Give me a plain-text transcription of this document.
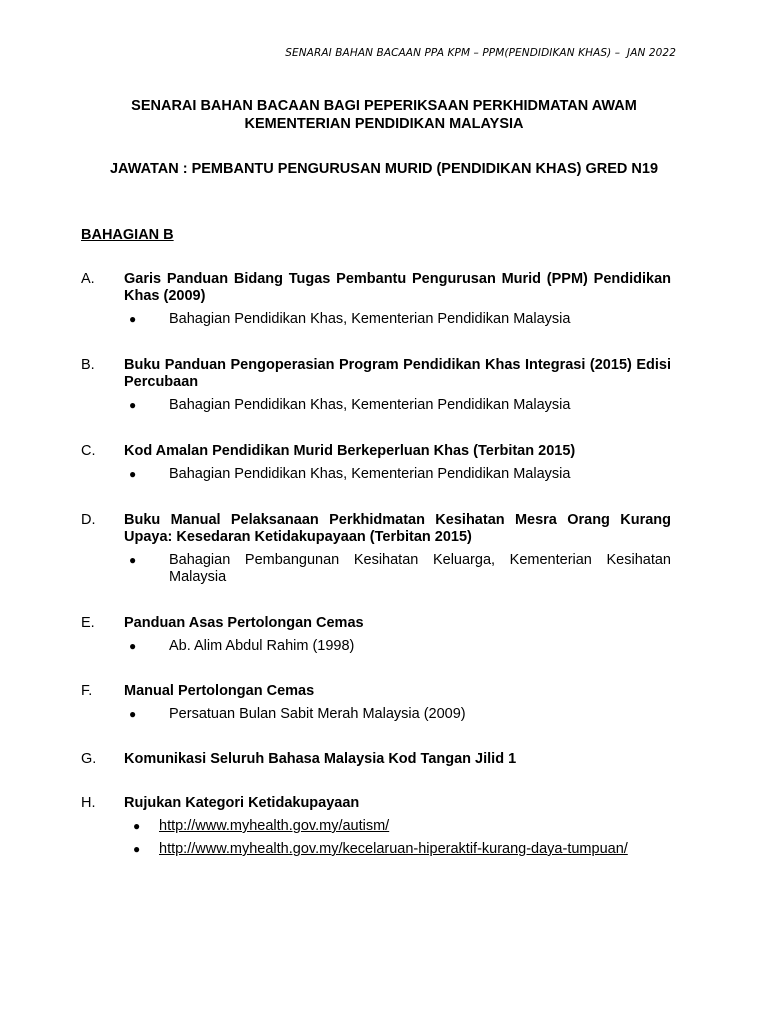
SENARAI BAHAN BACAAN PPA KPM – PPM(PENDIDIKAN KHAS) –  JAN 2022
SENARAI BAHAN BACAAN BAGI PEPERIKSAAN PERKHIDMATAN AWAM
KEMENTERIAN PENDIDIKAN MALAYSIA
JAWATAN : PEMBANTU PENGURUSAN MURID (PENDIDIKAN KHAS) GRED N19
BAHAGIAN B
A.	Garis Panduan Bidang Tugas Pembantu Pengurusan Murid (PPM) Pendidikan Khas (2009)
● Bahagian Pendidikan Khas, Kementerian Pendidikan Malaysia
B.	Buku Panduan Pengoperasian Program Pendidikan Khas Integrasi (2015) Edisi Percubaan
● Bahagian Pendidikan Khas, Kementerian Pendidikan Malaysia
C.	Kod Amalan Pendidikan Murid Berkeperluan Khas (Terbitan 2015)
● Bahagian Pendidikan Khas, Kementerian Pendidikan Malaysia
D.	Buku Manual Pelaksanaan Perkhidmatan Kesihatan Mesra Orang Kurang Upaya: Kesedaran Ketidakupayaan (Terbitan 2015)
● Bahagian Pembangunan Kesihatan Keluarga, Kementerian Kesihatan Malaysia
E.	Panduan Asas Pertolongan Cemas
● Ab. Alim Abdul Rahim (1998)
F.	Manual Pertolongan Cemas
● Persatuan Bulan Sabit Merah Malaysia (2009)
G.	Komunikasi Seluruh Bahasa Malaysia Kod Tangan Jilid 1
H.	Rujukan Kategori Ketidakupayaan
● http://www.myhealth.gov.my/autism/
● http://www.myhealth.gov.my/kecelaruan-hiperaktif-kurang-daya-tumpuan/
